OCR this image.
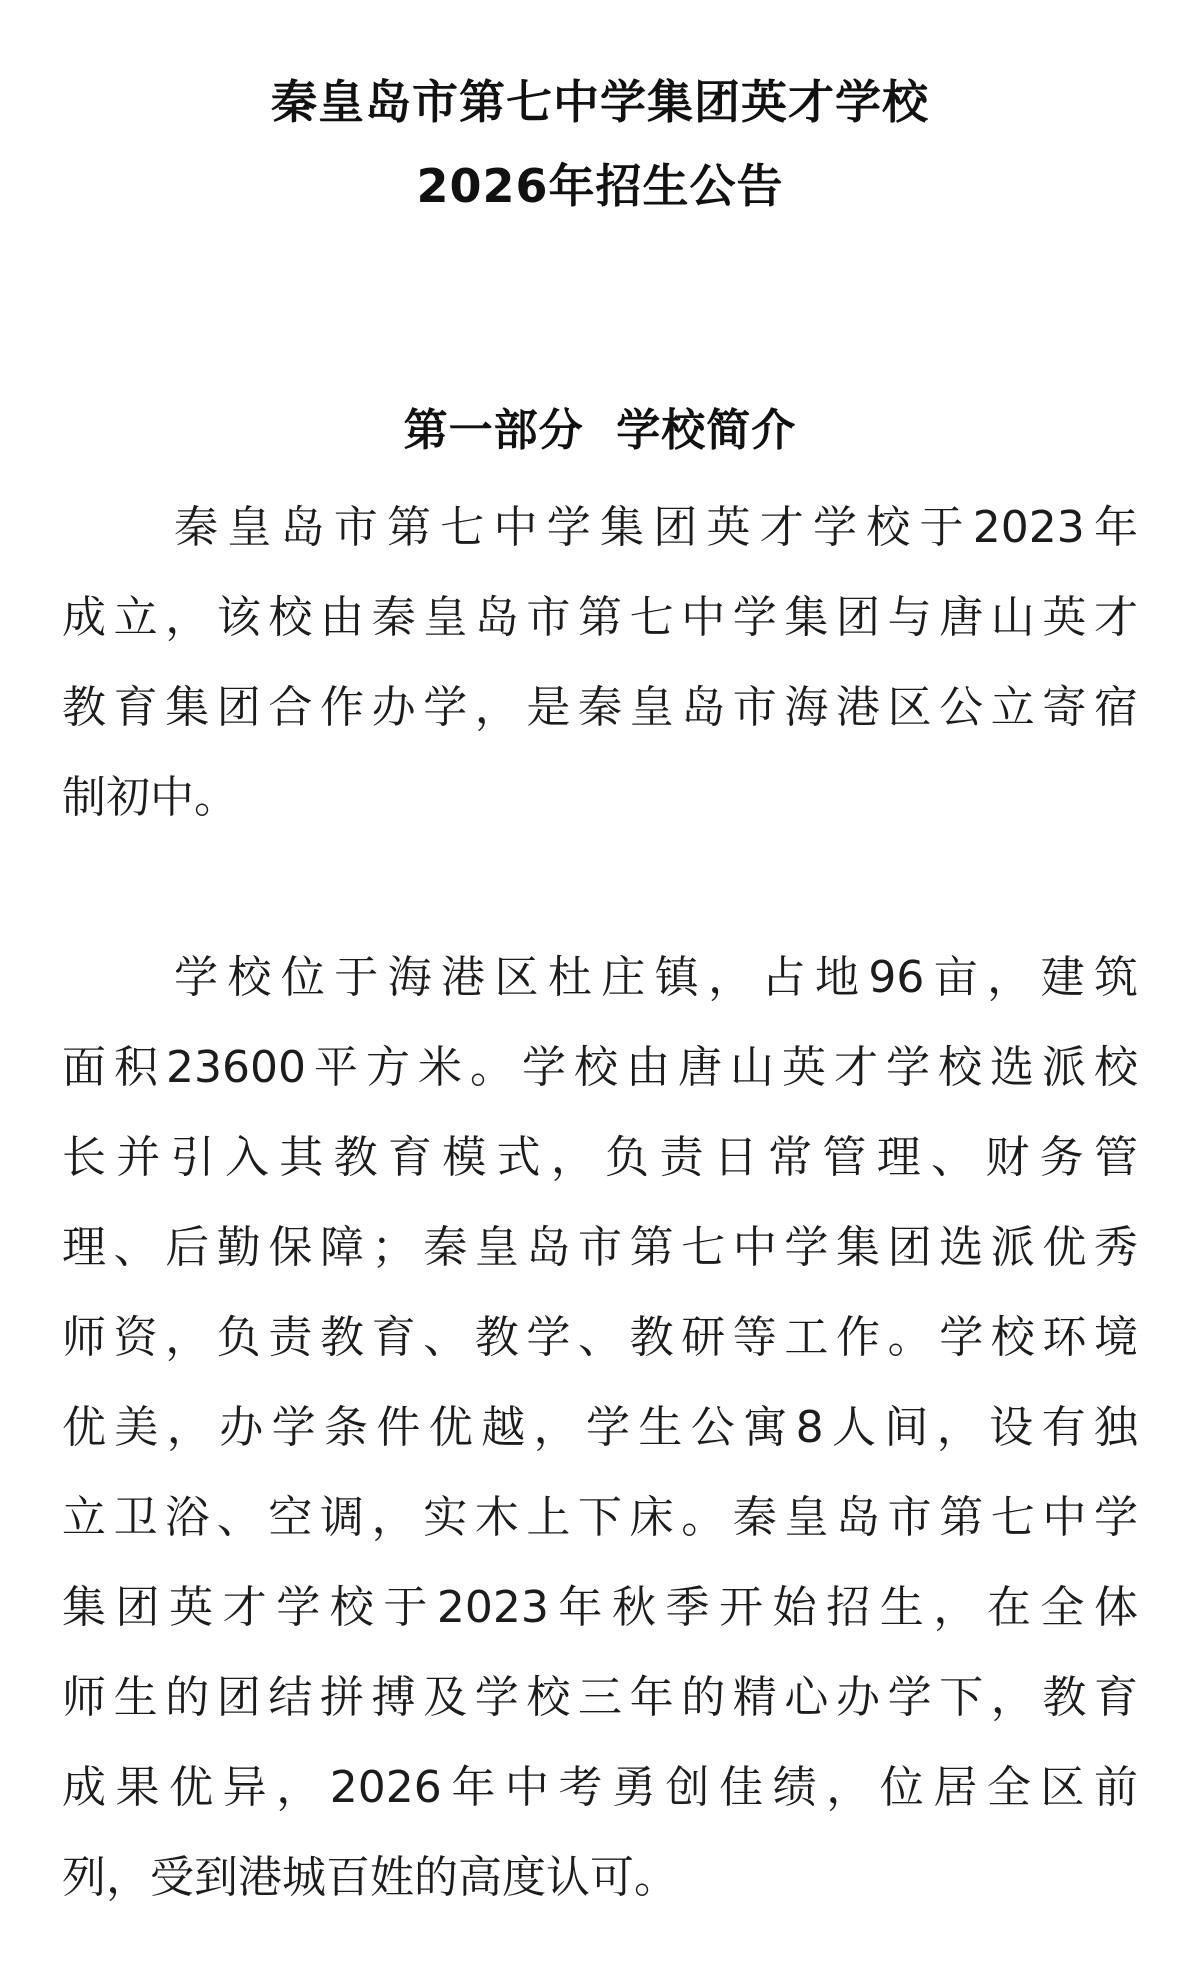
秦皇岛市第七中学集团英才学校
2026年招生公告
第一部分  学校简介
秦皇岛市第七中学集团英才学校于2023年
成立，该校由秦皇岛市第七中学集团与唐山英才
教育集团合作办学，是秦皇岛市海港区公立寄宿
制初中。
学校位于海港区杜庄镇，占地96亩，建筑
面积23600平方米。学校由唐山英才学校选派校
长并引入其教育模式，负责日常管理、财务管
理、后勤保障；秦皇岛市第七中学集团选派优秀
师资，负责教育、教学、教研等工作。学校环境
优美，办学条件优越，学生公寓8人间，设有独
立卫浴、空调，实木上下床。秦皇岛市第七中学
集团英才学校于2023年秋季开始招生，在全体
师生的团结拼搏及学校三年的精心办学下，教育
成果优异，2026年中考勇创佳绩，位居全区前
列，受到港城百姓的高度认可。
